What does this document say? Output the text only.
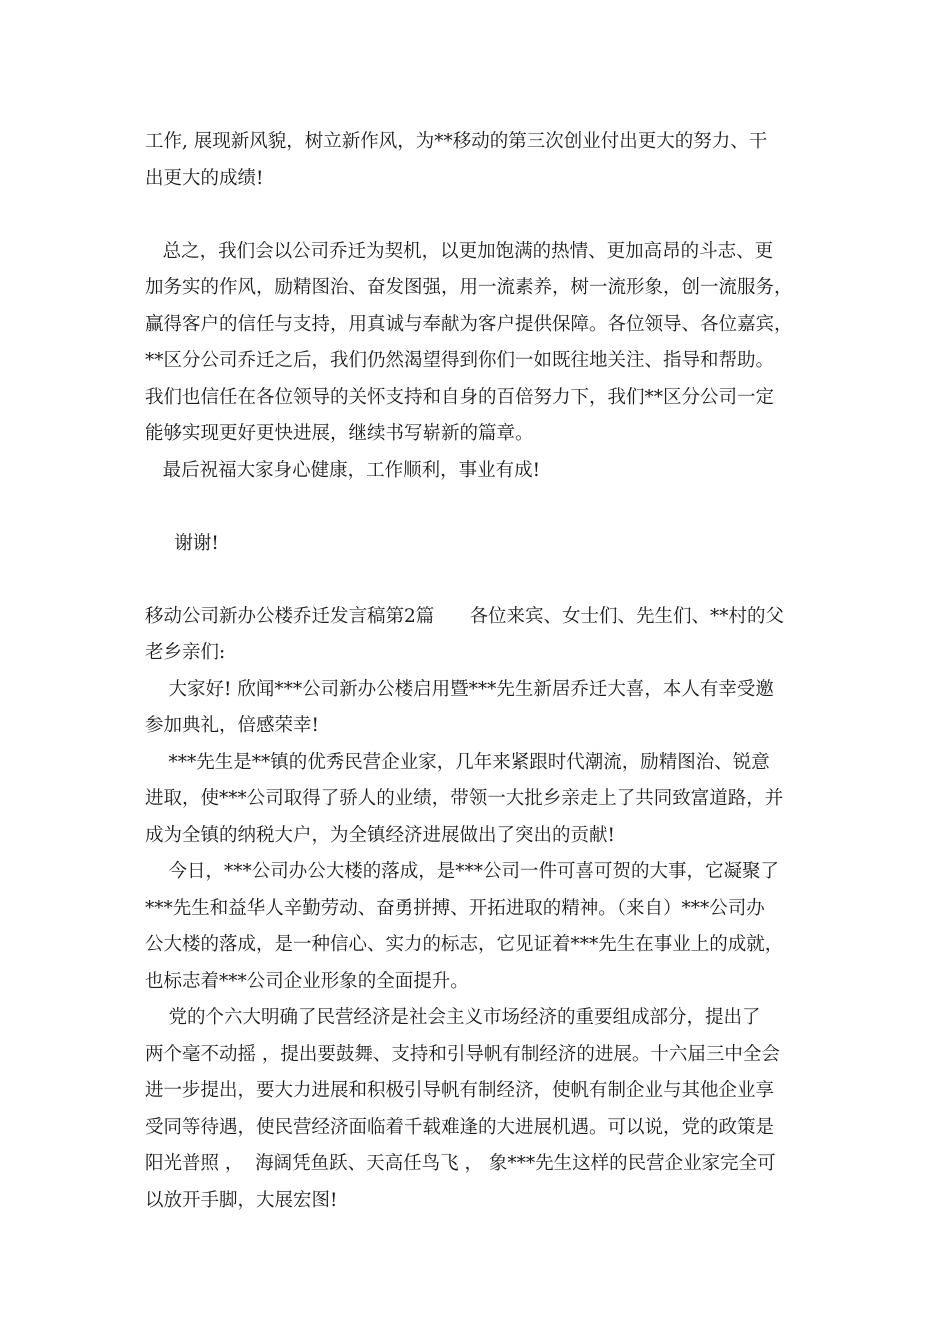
工作, 展现新风貌，树立新作风，为**移动的第三次创业付出更大的努力、干
出更大的成绩!
总之，我们会以公司乔迁为契机，以更加饱满的热情、更加高昂的斗志、更
加务实的作风，励精图治、奋发图强，用一流素养，树一流形象，创一流服务，
赢得客户的信任与支持，用真诚与奉献为客户提供保障。各位领导、各位嘉宾，
**区分公司乔迁之后，我们仍然渴望得到你们一如既往地关注、指导和帮助。
我们也信任在各位领导的关怀支持和自身的百倍努力下，我们**区分公司一定
能够实现更好更快进展，继续书写崭新的篇章。
最后祝福大家身心健康，工作顺利，事业有成!
谢谢!
移动公司新办公楼乔迁发言稿第2篇      各位来宾、女士们、先生们、**村的父
老乡亲们:
大家好! 欣闻***公司新办公楼启用暨***先生新居乔迁大喜，本人有幸受邀
参加典礼，倍感荣幸!
***先生是**镇的优秀民营企业家，几年来紧跟时代潮流，励精图治、锐意
进取，使***公司取得了骄人的业绩，带领一大批乡亲走上了共同致富道路，并
成为全镇的纳税大户，为全镇经济进展做出了突出的贡献!
今日，***公司办公大楼的落成，是***公司一件可喜可贺的大事，它凝聚了
***先生和益华人辛勤劳动、奋勇拼搏、开拓进取的精神。（来自）***公司办
公大楼的落成，是一种信心、实力的标志，它见证着***先生在事业上的成就，
也标志着***公司企业形象的全面提升。
党的个六大明确了民营经济是社会主义市场经济的重要组成部分，提出了
两个毫不动摇 ，提出要鼓舞、支持和引导帆有制经济的进展。十六届三中全会
进一步提出，要大力进展和积极引导帆有制经济，使帆有制企业与其他企业享
受同等待遇，使民营经济面临着千载难逢的大进展机遇。可以说，党的政策是
阳光普照 ，  海阔凭鱼跃、天高任鸟飞 ， 象***先生这样的民营企业家完全可
以放开手脚，大展宏图!
